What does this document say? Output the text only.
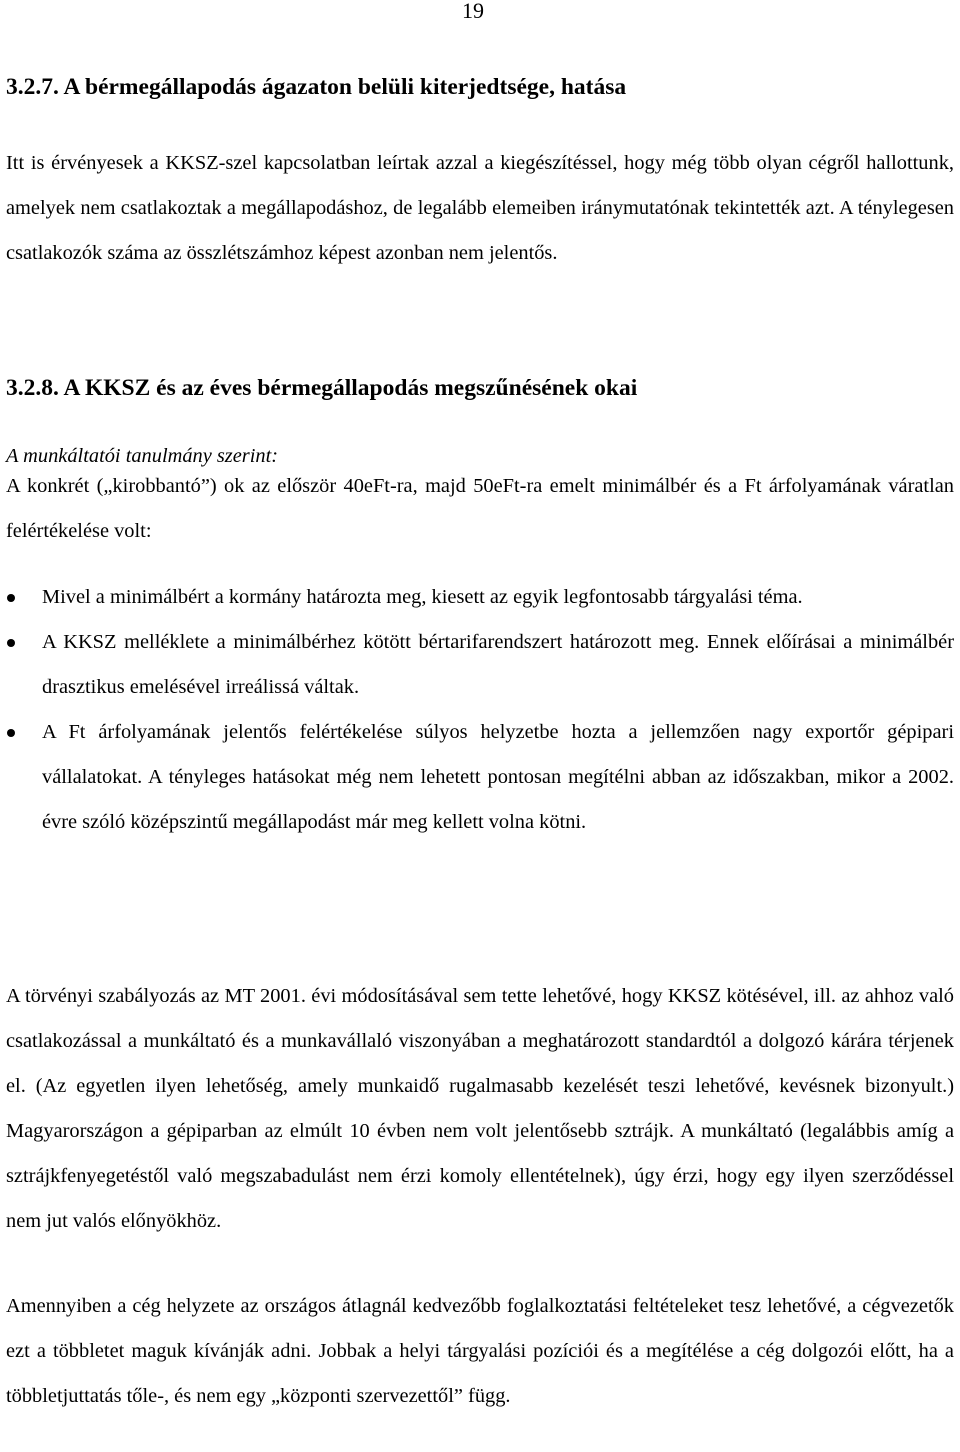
19
3.2.7. A bérmegállapodás ágazaton belüli kiterjedtsége, hatása

Itt is érvényesek a KKSZ-szel kapcsolatban leírtak azzal a kiegészítéssel, hogy még több olyan cégről hallottunk, amelyek nem csatlakoztak a megállapodáshoz, de legalább elemeiben iránymutatónak tekintették azt. A ténylegesen csatlakozók száma az összlétszámhoz képest azonban nem jelentős.

3.2.8. A KKSZ és az éves bérmegállapodás megszűnésének okai
A munkáltatói tanulmány szerint:

A konkrét („kirobbantó”) ok az először 40eFt-ra, majd 50eFt-ra emelt minimálbér és a Ft árfolyamának váratlan felértékelése volt:

Mivel a minimálbért a kormány határozta meg, kiesett az egyik legfontosabb tárgyalási téma.
A KKSZ melléklete a minimálbérhez kötött bértarifarendszert határozott meg. Ennek előírásai a minimálbér drasztikus emelésével irreálissá váltak.
A Ft árfolyamának jelentős felértékelése súlyos helyzetbe hozta a jellemzően nagy exportőr gépipari vállalatokat. A tényleges hatásokat még nem lehetett pontosan megítélni abban az időszakban, mikor a 2002. évre szóló középszintű megállapodást már meg kellett volna kötni.

A törvényi szabályozás az MT 2001. évi módosításával sem tette lehetővé, hogy KKSZ kötésével, ill. az ahhoz való csatlakozással a munkáltató és a munkavállaló viszonyában a meghatározott standardtól a dolgozó kárára térjenek el. (Az egyetlen ilyen lehetőség, amely munkaidő rugalmasabb kezelését teszi lehetővé, kevésnek bizonyult.) Magyarországon a gépiparban az elmúlt 10 évben nem volt jelentősebb sztrájk. A munkáltató (legalábbis amíg a sztrájkfenyegetéstől való megszabadulást nem érzi komoly ellentételnek), úgy érzi, hogy egy ilyen szerződéssel nem jut valós előnyökhöz.

Amennyiben a cég helyzete az országos átlagnál kedvezőbb foglalkoztatási feltételeket tesz lehetővé, a cégvezetők ezt a többletet maguk kívánják adni. Jobbak a helyi tárgyalási pozíciói és a megítélése a cég dolgozói előtt, ha a többletjuttatás tőle-, és nem egy „központi szervezettől” függ.
